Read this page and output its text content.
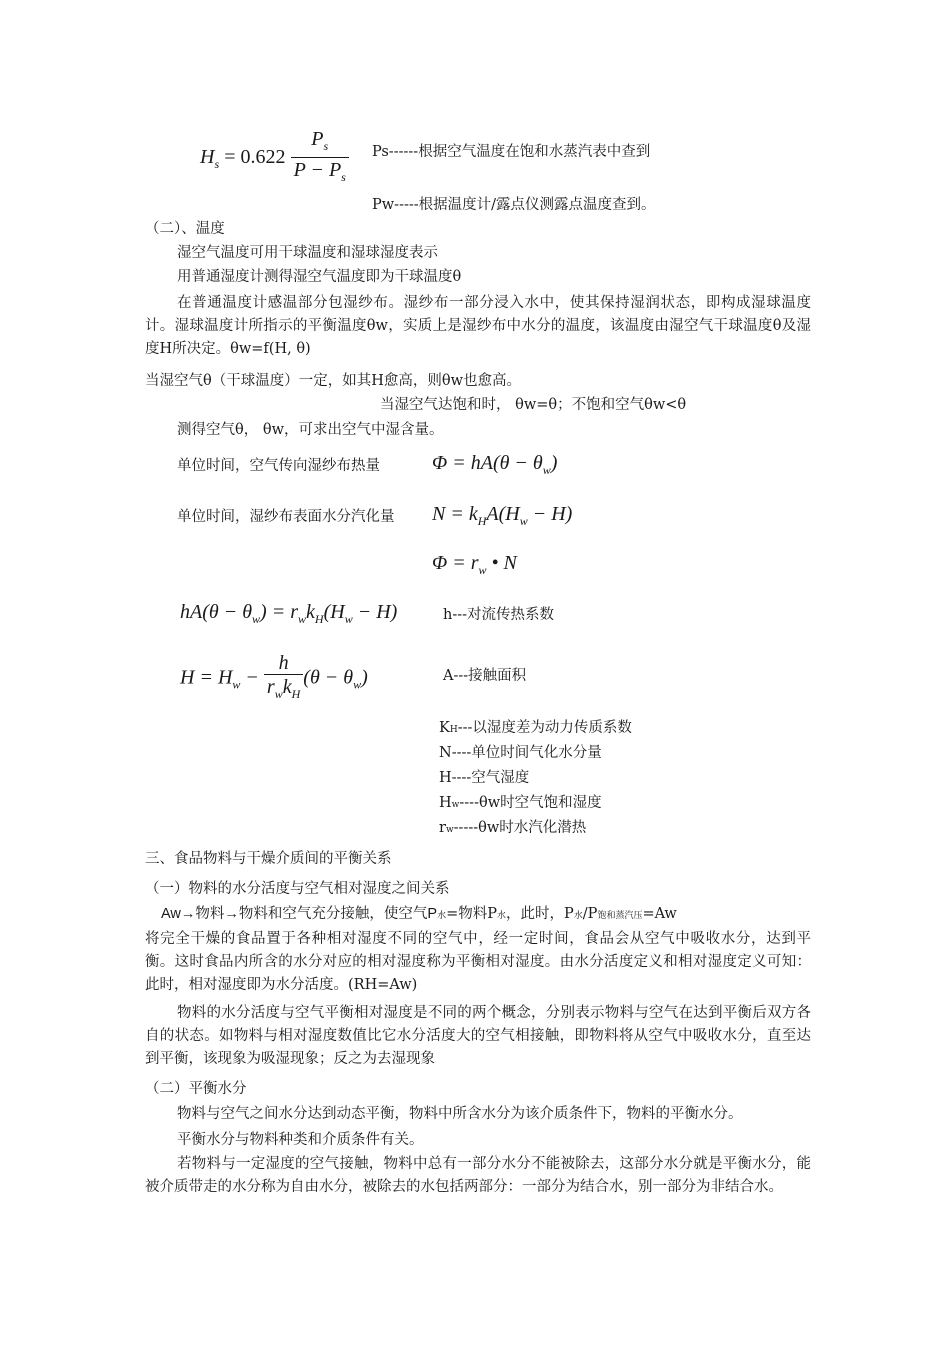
$H_s = 0.622 \frac{P_s}{P - P_s} Ps------$根据空气温度在饱和水蒸汽表中查到
Pw-----根据温度计/露点仪测露点温度查到。
（二）、温度
湿空气温度可用干球温度和湿球湿度表示
用普通湿度计测得湿空气温度即为干球温度θ
在普通温度计感温部分包湿纱布。湿纱布一部分浸入水中，使其保持湿润状态，即构成湿球温度计。湿球温度计所指示的平衡温度θw，实质上是湿纱布中水分的温度，该温度由湿空气干球温度θ及湿度H所决定。θw=f(H, θ)
当湿空气θ（干球温度）一定，如其H愈高，则θw也愈高。
当湿空气达饱和时， θw=θ；不饱和空气θw<θ
测得空气θ， θw，可求出空气中湿含量。
单位时间，空气传向湿纱布热量	$\Phi = hA(\theta - \theta_w)$
单位时间，湿纱布表面水分汽化量 $N = k_HA(H_w - H)$
$\Phi = r_w$ • N
$hA(\theta - \theta_w) = r_wk_H(H_w - H)$	h---对流传热系数
$H = H_w - \frac{h}{r_wk_H} (\theta - \theta_w)$	A---接触面积
KH---以湿度差为动力传质系数
N----单位时间气化水分量
H----空气湿度
Hw----θw时空气饱和湿度
rw-----θw时水汽化潜热
三、食品物料与干燥介质间的平衡关系
（一）物料的水分活度与空气相对湿度之间关系
Aw→物料→物料和空气充分接触，使空气P水=物料P水，此时，P水/P饱和蒸汽压=Aw
将完全干燥的食品置于各种相对湿度不同的空气中，经一定时间，食品会从空气中吸收水分，达到平衡。这时食品内所含的水分对应的相对湿度称为平衡相对湿度。由水分活度定义和相对湿度定义可知：此时，相对湿度即为水分活度。(RH=Aw)
物料的水分活度与空气平衡相对湿度是不同的两个概念，分别表示物料与空气在达到平衡后双方各自的状态。如物料与相对湿度数值比它水分活度大的空气相接触，即物料将从空气中吸收水分，直至达到平衡，该现象为吸湿现象；反之为去湿现象
（二）平衡水分
物料与空气之间水分达到动态平衡，物料中所含水分为该介质条件下，物料的平衡水分。
平衡水分与物料种类和介质条件有关。
若物料与一定湿度的空气接触，物料中总有一部分水分不能被除去，这部分水分就是平衡水分，能被介质带走的水分称为自由水分，被除去的水包括两部分：一部分为结合水，别一部分为非结合水。
